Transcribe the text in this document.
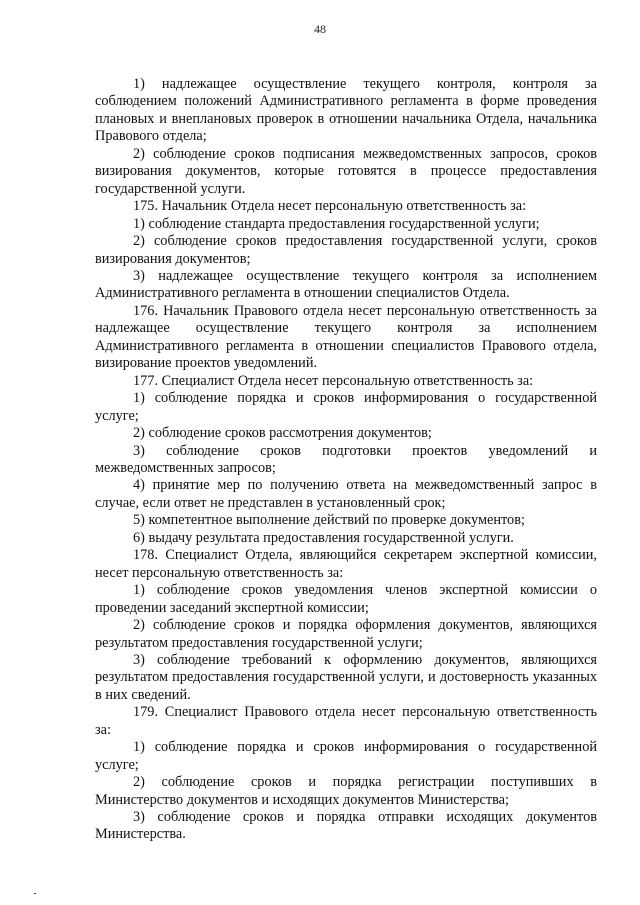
48

1) надлежащее осуществление текущего контроля, контроля за соблюдением положений Административного регламента в форме проведения плановых и внеплановых проверок в отношении начальника Отдела, начальника Правового отдела;

2) соблюдение сроков подписания межведомственных запросов, сроков визирования документов, которые готовятся в процессе предоставления государственной услуги.

175. Начальник Отдела несет персональную ответственность за:

1) соблюдение стандарта предоставления государственной услуги;

2) соблюдение сроков предоставления государственной услуги, сроков визирования документов;

3) надлежащее осуществление текущего контроля за исполнением Административного регламента в отношении специалистов Отдела.

176. Начальник Правового отдела несет персональную ответственность за надлежащее осуществление текущего контроля за исполнением Административного регламента в отношении специалистов Правового отдела, визирование проектов уведомлений.

177. Специалист Отдела несет персональную ответственность за:

1) соблюдение порядка и сроков информирования о государственной услуге;

2) соблюдение сроков рассмотрения документов;

3) соблюдение сроков подготовки проектов уведомлений и межведомственных запросов;

4) принятие мер по получению ответа на межведомственный запрос в случае, если ответ не представлен в установленный срок;

5) компетентное выполнение действий по проверке документов;

6) выдачу результата предоставления государственной услуги.

178. Специалист Отдела, являющийся секретарем экспертной комиссии, несет персональную ответственность за:

1) соблюдение сроков уведомления членов экспертной комиссии о проведении заседаний экспертной комиссии;

2) соблюдение сроков и порядка оформления документов, являющихся результатом предоставления государственной услуги;

3) соблюдение требований к оформлению документов, являющихся результатом предоставления государственной услуги, и достоверность указанных в них сведений.

179. Специалист Правового отдела несет персональную ответственность за:

1) соблюдение порядка и сроков информирования о государственной услуге;

2) соблюдение сроков и порядка регистрации поступивших в Министерство документов и исходящих документов Министерства;

3) соблюдение сроков и порядка отправки исходящих документов Министерства.
